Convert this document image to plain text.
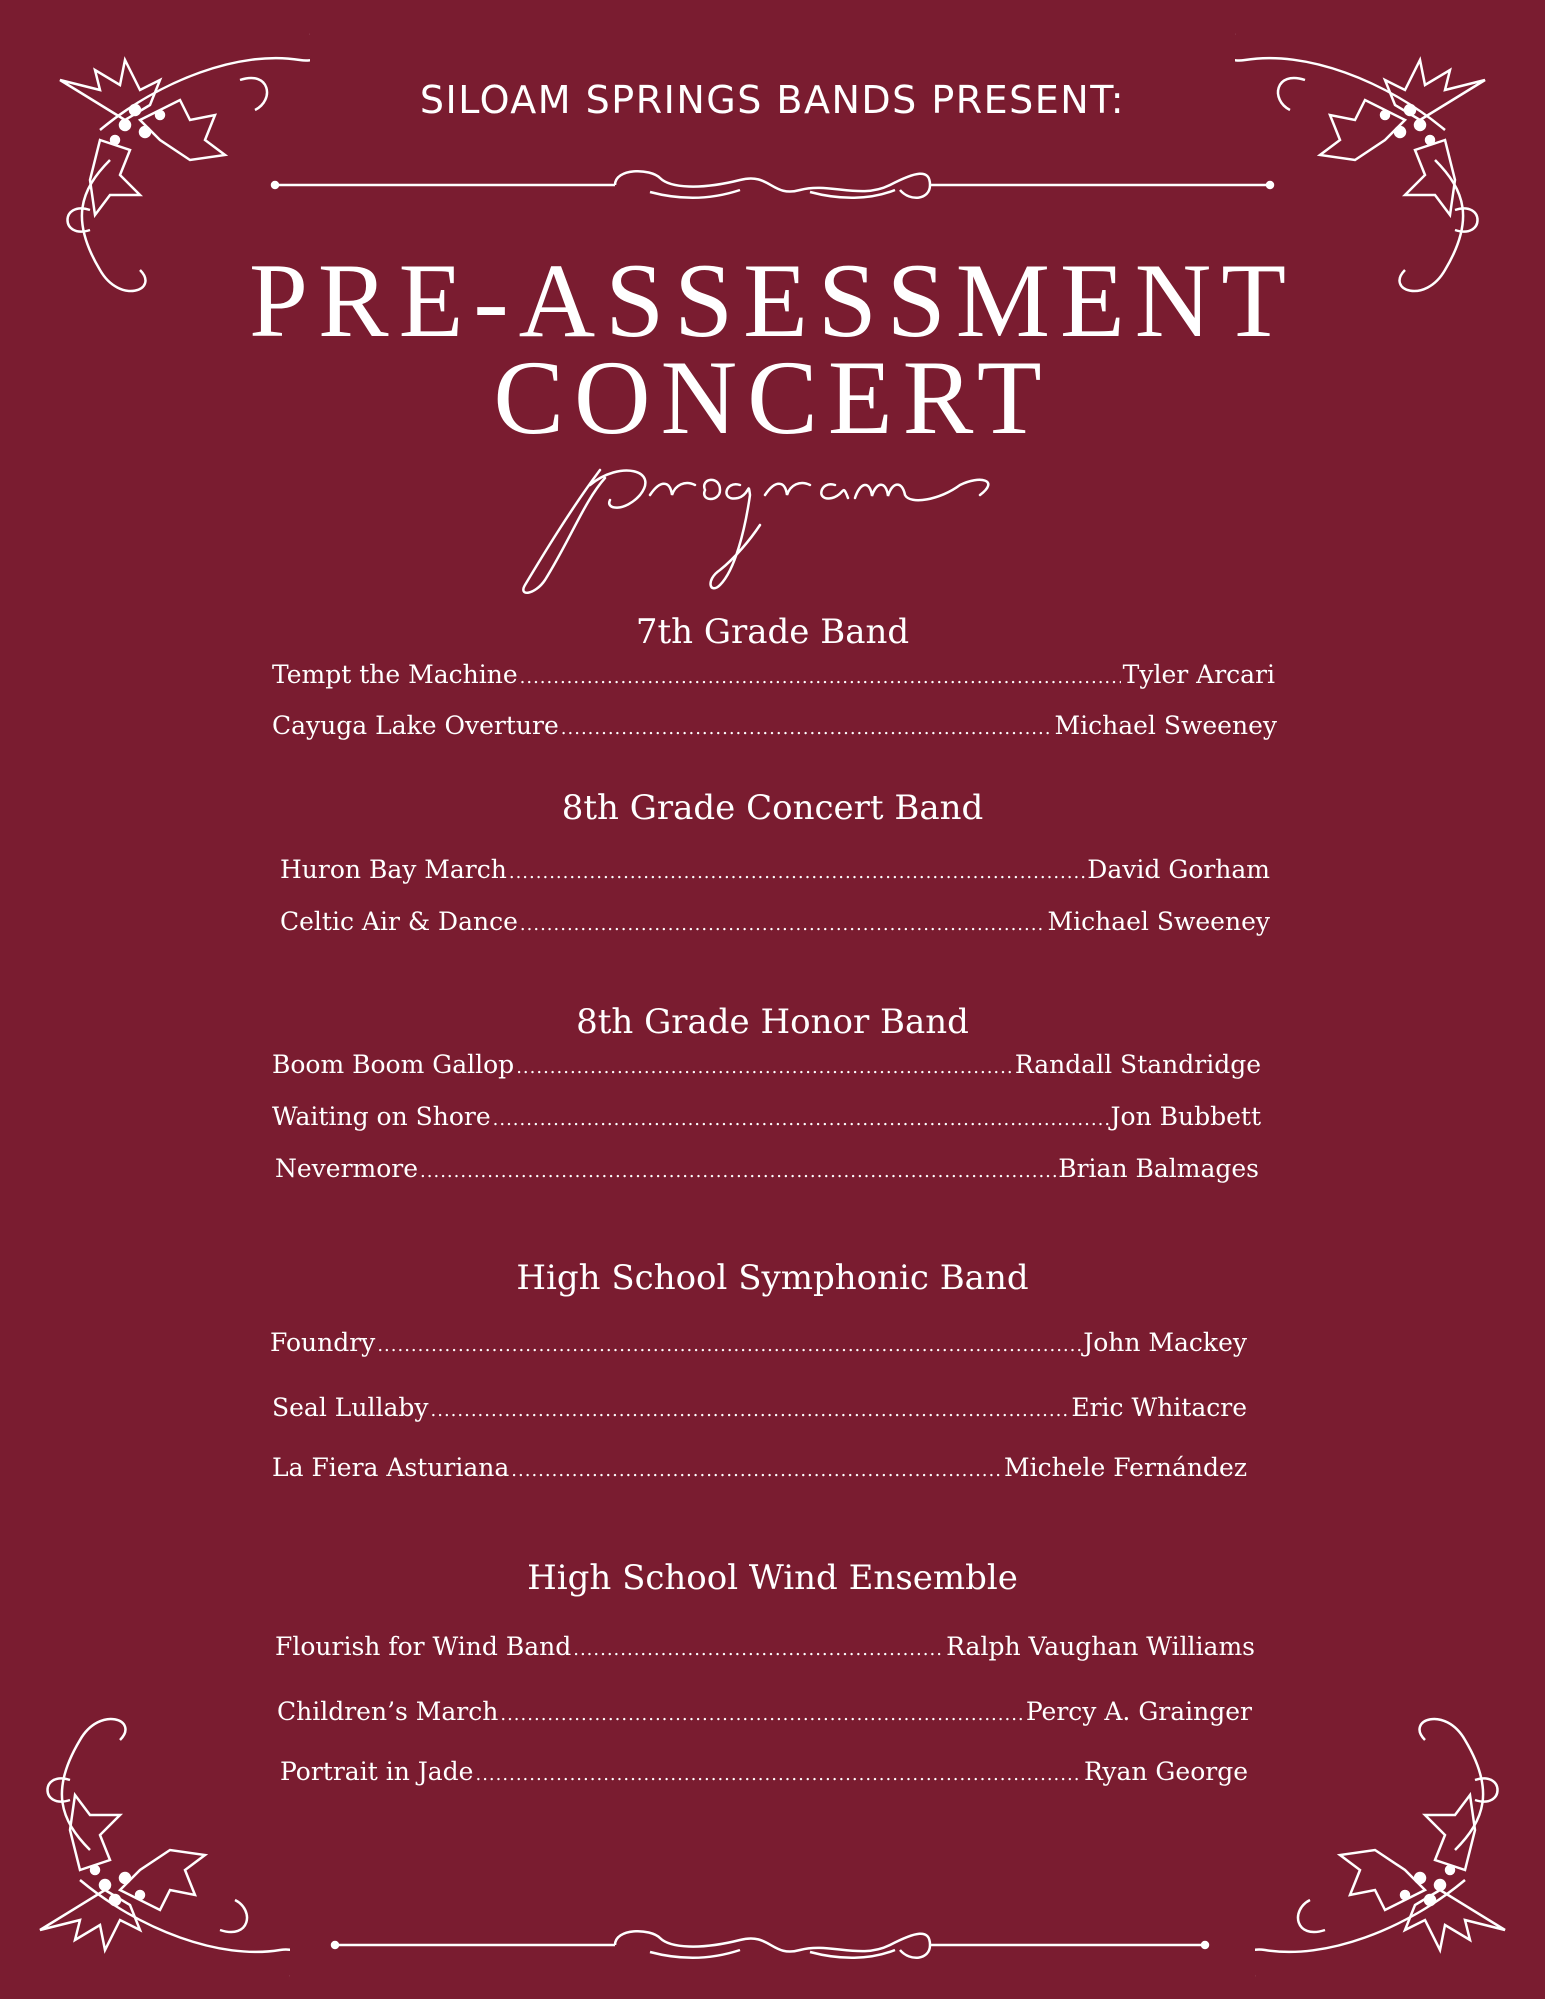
SILOAM SPRINGS BANDS PRESENT:
PRE-ASSESSMENT
CONCERT
7th Grade Band
Tempt the Machine .....	Tyler Arcari
Cayuga Lake Overture .....	Michael Sweeney
8th Grade Concert Band
Huron Bay March .....	David Gorham
Celtic Air & Dance .....	Michael Sweeney
8th Grade Honor Band
Boom Boom Gallop .....	Randall Standridge
Waiting on Shore .....	Jon Bubbett
Nevermore .....	Brian Balmages
High School Symphonic Band
Foundry .....	John Mackey
Seal Lullaby .....	Eric Whitacre
La Fiera Asturiana .....	Michele Fernández
High School Wind Ensemble
Flourish for Wind Band .....	Ralph Vaughan Williams
Children’s March .....	Percy A. Grainger
Portrait in Jade .....	Ryan George
